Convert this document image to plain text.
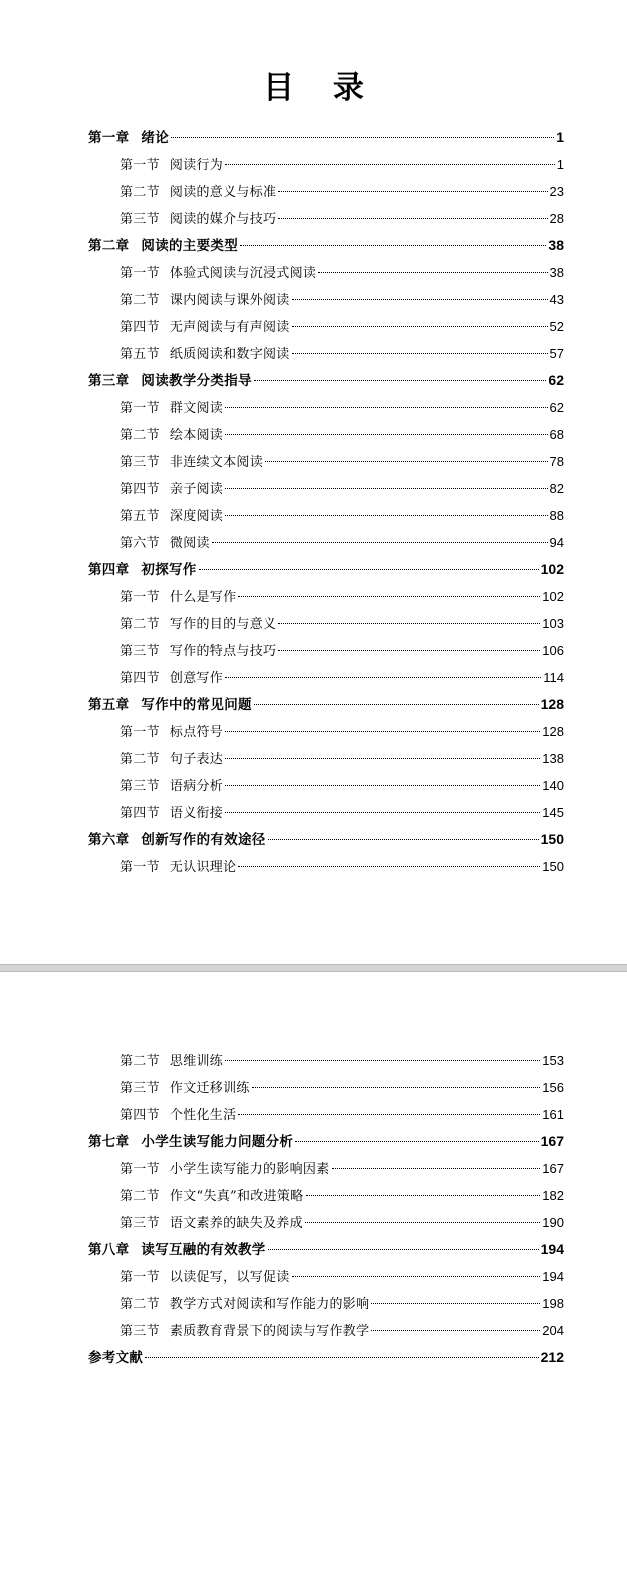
目 录
第一章 绪论	1
第一节 阅读行为	1
第二节 阅读的意义与标准	23
第三节 阅读的媒介与技巧	28
第二章 阅读的主要类型	38
第一节 体验式阅读与沉浸式阅读	38
第二节 课内阅读与课外阅读	43
第四节 无声阅读与有声阅读	52
第五节 纸质阅读和数字阅读	57
第三章 阅读教学分类指导	62
第一节 群文阅读	62
第二节 绘本阅读	68
第三节 非连续文本阅读	78
第四节 亲子阅读	82
第五节 深度阅读	88
第六节 微阅读	94
第四章 初探写作	102
第一节 什么是写作	102
第二节 写作的目的与意义	103
第三节 写作的特点与技巧	106
第四节 创意写作	114
第五章 写作中的常见问题	128
第一节 标点符号	128
第二节 句子表达	138
第三节 语病分析	140
第四节 语义衔接	145
第六章 创新写作的有效途径	150
第一节 无认识理论	150
第二节 思维训练	153
第三节 作文迁移训练	156
第四节 个性化生活	161
第七章 小学生读写能力问题分析	167
第一节 小学生读写能力的影响因素	167
第二节 作文“失真”和改进策略	182
第三节 语文素养的缺失及养成	190
第八章 读写互融的有效教学	194
第一节 以读促写，以写促读	194
第二节 教学方式对阅读和写作能力的影响	198
第三节 素质教育背景下的阅读与写作教学	204
参考文献	212
